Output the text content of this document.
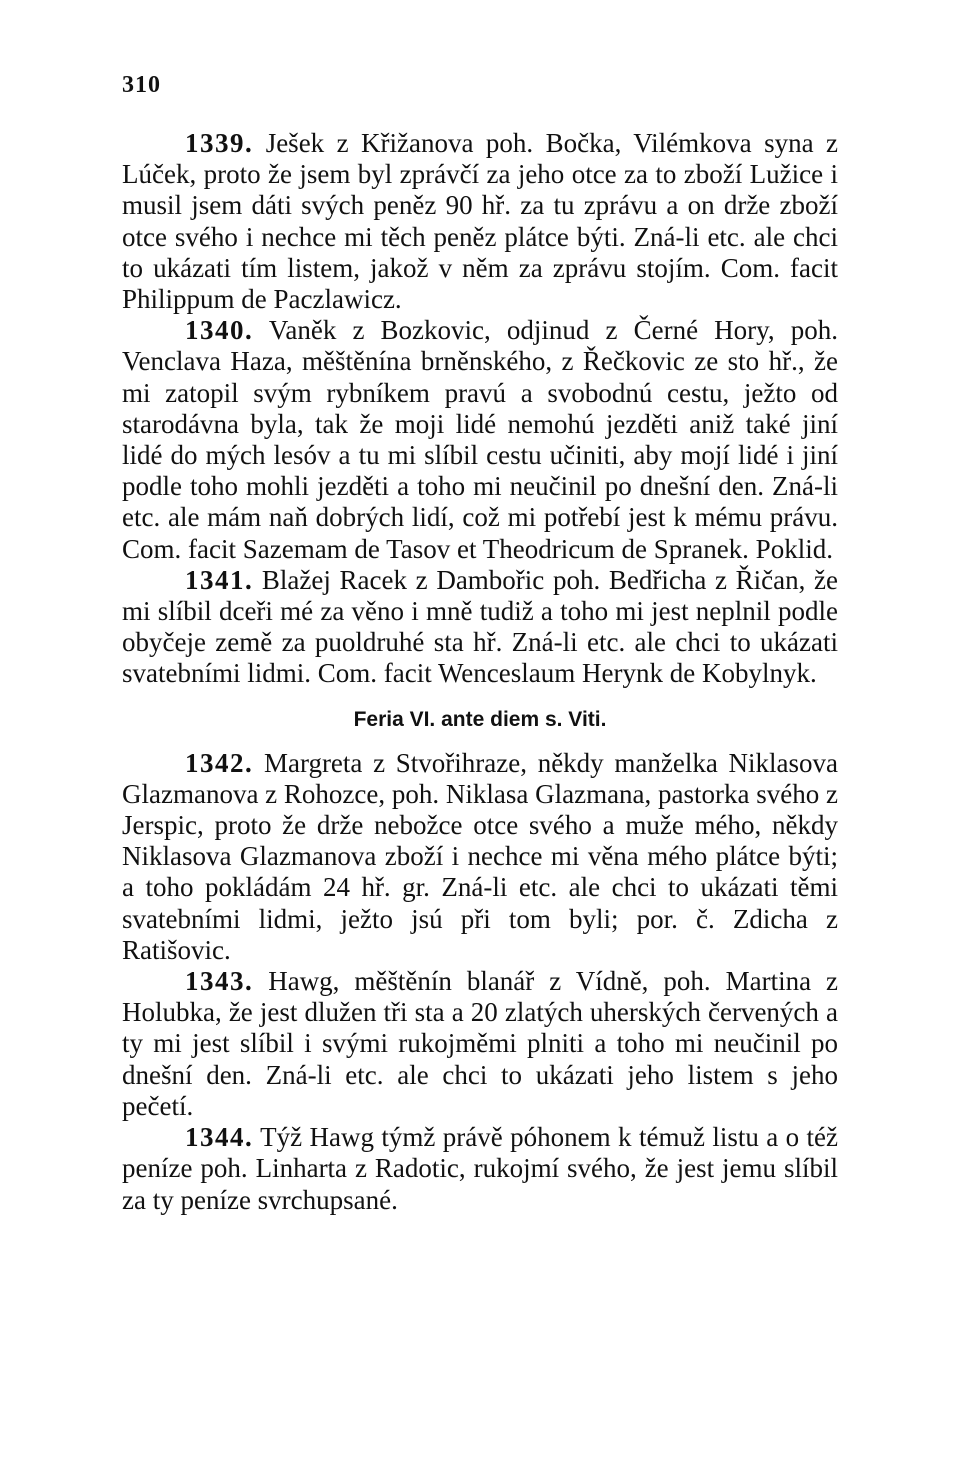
310

1339. Ješek z Křižanova poh. Bočka, Vilémkova syna z Lúček, proto že jsem byl zprávčí za jeho otce za to zboží Lužice i musil jsem dáti svých peněz 90 hř. za tu zprávu a on drže zboží otce svého i nechce mi těch peněz plátce býti. Zná-li etc. ale chci to ukázati tím listem, jakož v něm za zprávu stojím. Com. facit Philippum de Paczlawicz.

1340. Vaněk z Bozkovic, odjinud z Černé Hory, poh. Venclava Haza, měštěnína brněnského, z Řečkovic ze sto hř., že mi zatopil svým rybníkem pravú a svobodnú cestu, ježto od starodávna byla, tak že moji lidé nemohú jezděti aniž také jiní lidé do mých lesóv a tu mi slíbil cestu učiniti, aby mojí lidé i jiní podle toho mohli jezděti a toho mi neučinil po dnešní den. Zná-li etc. ale mám naň dobrých lidí, což mi potřebí jest k mému právu. Com. facit Sazemam de Tasov et Theodricum de Spranek. Poklid.

1341. Blažej Racek z Dambořic poh. Bedřicha z Řičan, že mi slíbil dceři mé za věno i mně tudiž a toho mi jest neplnil podle obyčeje země za puoldruhé sta hř. Zná-li etc. ale chci to ukázati svatebními lidmi. Com. facit Wenceslaum Herynk de Kobylnyk.

Feria VI. ante diem s. Viti.

1342. Margreta z Stvořihraze, někdy manželka Niklasova Glazmanova z Rohozce, poh. Niklasa Glazmana, pastorka svého z Jerspic, proto že drže nebožce otce svého a muže mého, někdy Niklasova Glazmanova zboží i nechce mi věna mého plátce býti; a toho pokládám 24 hř. gr. Zná-li etc. ale chci to ukázati těmi svatebními lidmi, ježto jsú při tom byli; por. č. Zdicha z Ratišovic.

1343. Hawg, měštěnín blanář z Vídně, poh. Martina z Holubka, že jest dlužen tři sta a 20 zlatých uherských červených a ty mi jest slíbil i svými rukojměmi plniti a toho mi neučinil po dnešní den. Zná-li etc. ale chci to ukázati jeho listem s jeho pečetí.

1344. Týž Hawg týmž právě póhonem k témuž listu a o též peníze poh. Linharta z Radotic, rukojmí svého, že jest jemu slíbil za ty peníze svrchupsané.
